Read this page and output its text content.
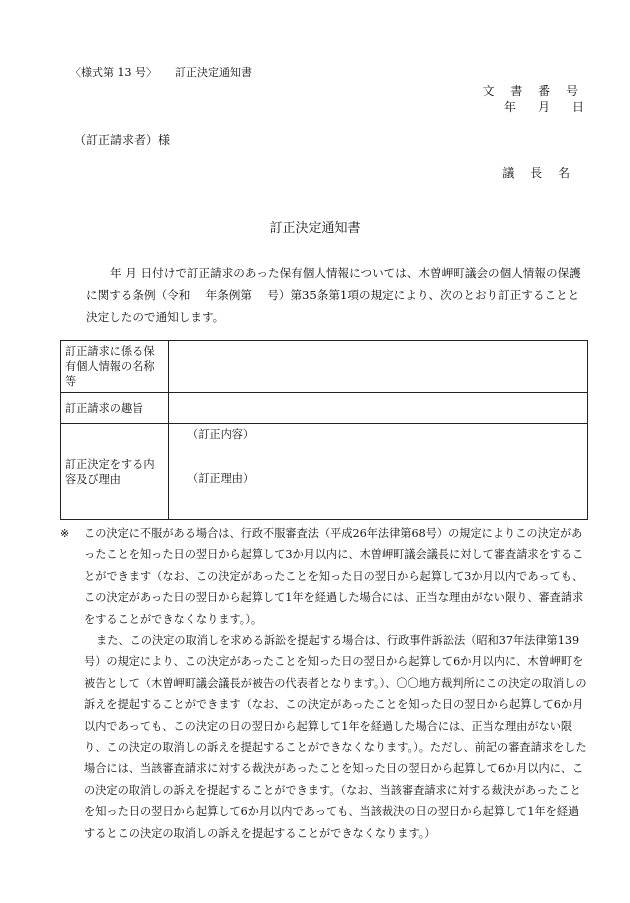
〈様式第 13 号〉 訂正決定通知書
文 書 番 号
年 月 日
（訂正請求者）様
議 長 名
訂正決定通知書
年 月 日付けで訂正請求のあった保有個人情報については、木曽岬町議会の個人情報の保護に関する条例（令和　 年条例第　 号）第35条第1項の規定により、次のとおり訂正することと決定したので通知します。
訂正請求に係る保有個人情報の名称等	
訂正請求の趣旨	
訂正決定をする内容及び理由	（訂正内容）
（訂正理由）

※ この決定に不服がある場合は、行政不服審査法（平成26年法律第68号）の規定によりこの決定があったことを知った日の翌日から起算して3か月以内に、木曽岬町議会議長に対して審査請求をすることができます（なお、この決定があったことを知った日の翌日から起算して3か月以内であっても、この決定があった日の翌日から起算して1年を経過した場合には、正当な理由がない限り、審査請求をすることができなくなります。）。

また、この決定の取消しを求める訴訟を提起する場合は、行政事件訴訟法（昭和37年法律第139号）の規定により、この決定があったことを知った日の翌日から起算して6か月以内に、木曽岬町を被告として（木曽岬町議会議長が被告の代表者となります。）、〇〇地方裁判所にこの決定の取消しの訴えを提起することができます（なお、この決定があったことを知った日の翌日から起算して6か月以内であっても、この決定の日の翌日から起算して1年を経過した場合には、正当な理由がない限り、この決定の取消しの訴えを提起することができなくなります。）。ただし、前記の審査請求をした場合には、当該審査請求に対する裁決があったことを知った日の翌日から起算して6か月以内に、この決定の取消しの訴えを提起することができます。（なお、当該審査請求に対する裁決があったことを知った日の翌日から起算して6か月以内であっても、当該裁決の日の翌日から起算して1年を経過するとこの決定の取消しの訴えを提起することができなくなります。）
